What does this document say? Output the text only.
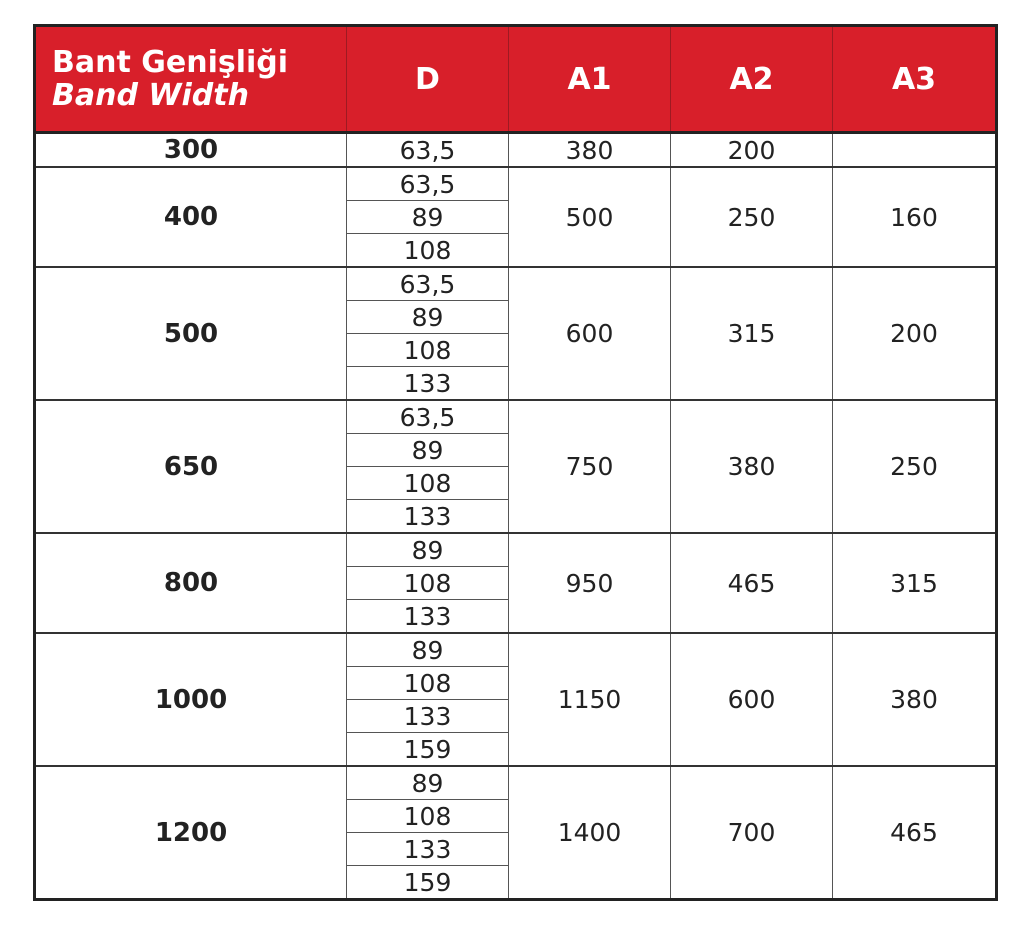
Bant Genişliği
Band Width	D	A1	A2	A3
300	63,5	380	200	
400	63,5	500	250	160
	89			
	108			
500	63,5	600	315	200
	89			
	108			
	133			
650	63,5	750	380	250
	89			
	108			
	133			
800	89	950	465	315
	108			
	133			
1000	89	1150	600	380
	108			
	133			
	159			
1200	89	1400	700	465
	108			
	133			
	159			
